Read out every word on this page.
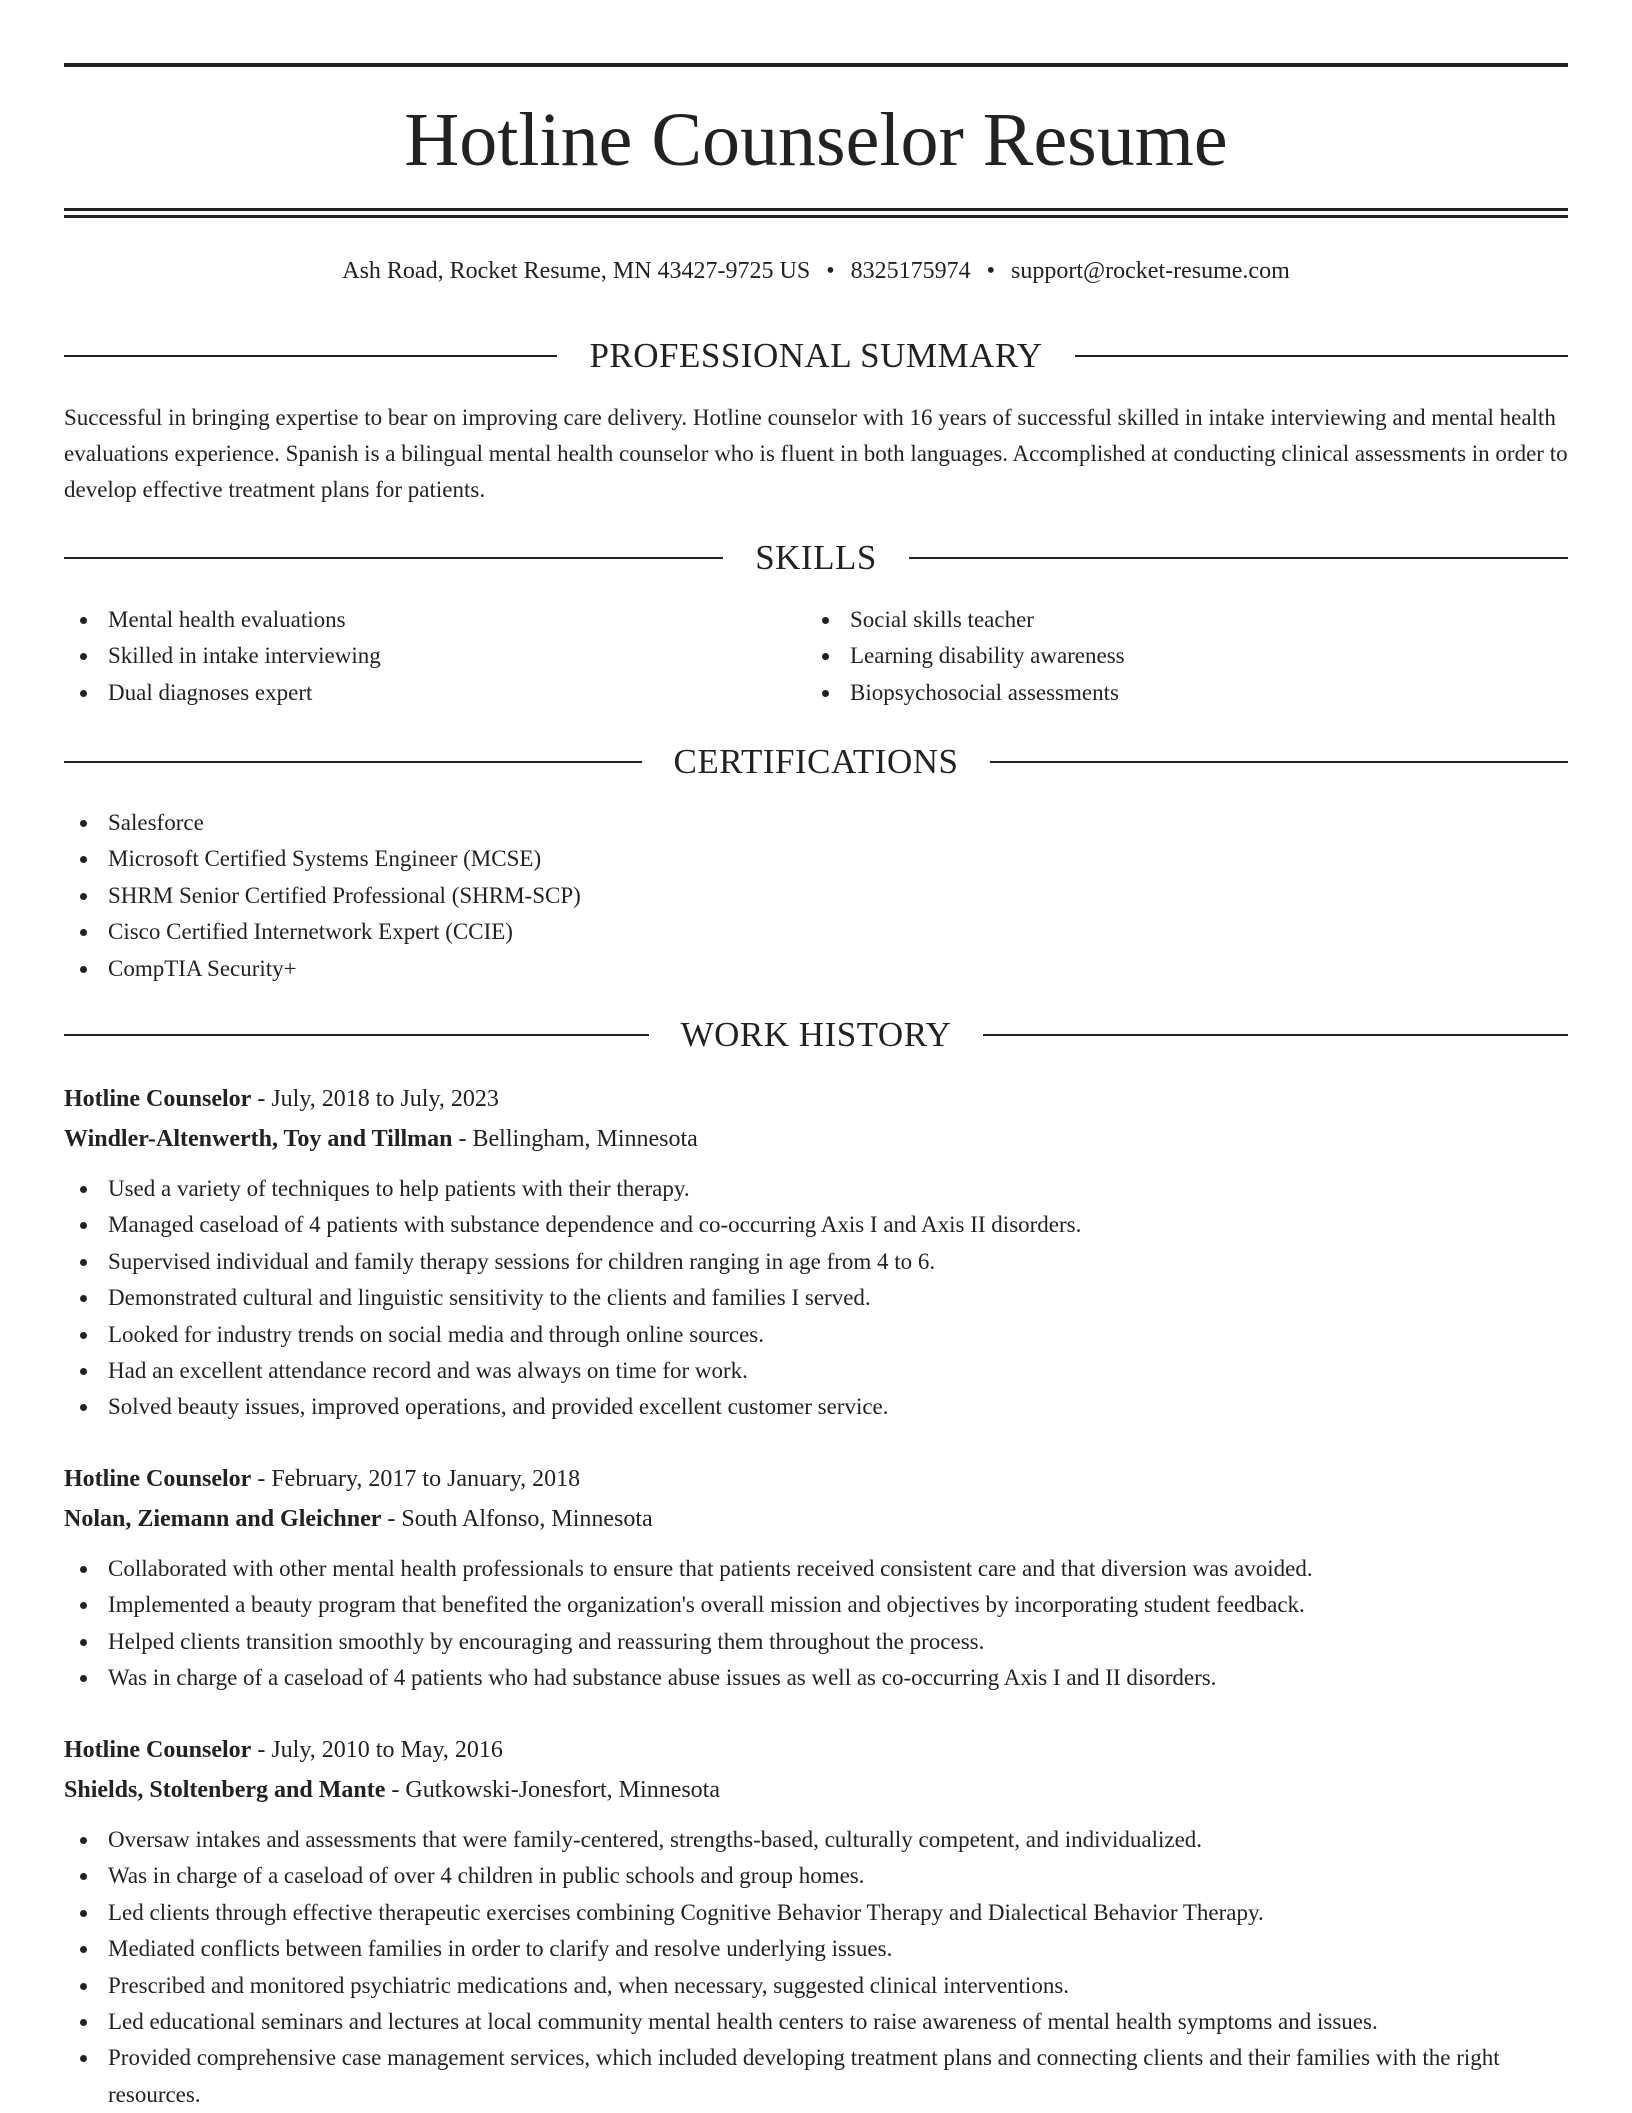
Hotline Counselor Resume
Ash Road, Rocket Resume, MN 43427-9725 US • 8325175974 • support@rocket-resume.com
PROFESSIONAL SUMMARY

Successful in bringing expertise to bear on improving care delivery. Hotline counselor with 16 years of successful skilled in intake interviewing and mental health evaluations experience. Spanish is a bilingual mental health counselor who is fluent in both languages. Accomplished at conducting clinical assessments in order to develop effective treatment plans for patients.

SKILLS
Mental health evaluations
Skilled in intake interviewing
Dual diagnoses expert
Social skills teacher
Learning disability awareness
Biopsychosocial assessments
CERTIFICATIONS
Salesforce
Microsoft Certified Systems Engineer (MCSE)
SHRM Senior Certified Professional (SHRM-SCP)
Cisco Certified Internetwork Expert (CCIE)
CompTIA Security+
WORK HISTORY
Hotline Counselor - July, 2018 to July, 2023
Windler-Altenwerth, Toy and Tillman - Bellingham, Minnesota
Used a variety of techniques to help patients with their therapy.
Managed caseload of 4 patients with substance dependence and co-occurring Axis I and Axis II disorders.
Supervised individual and family therapy sessions for children ranging in age from 4 to 6.
Demonstrated cultural and linguistic sensitivity to the clients and families I served.
Looked for industry trends on social media and through online sources.
Had an excellent attendance record and was always on time for work.
Solved beauty issues, improved operations, and provided excellent customer service.
Hotline Counselor - February, 2017 to January, 2018
Nolan, Ziemann and Gleichner - South Alfonso, Minnesota
Collaborated with other mental health professionals to ensure that patients received consistent care and that diversion was avoided.
Implemented a beauty program that benefited the organization's overall mission and objectives by incorporating student feedback.
Helped clients transition smoothly by encouraging and reassuring them throughout the process.
Was in charge of a caseload of 4 patients who had substance abuse issues as well as co-occurring Axis I and II disorders.
Hotline Counselor - July, 2010 to May, 2016
Shields, Stoltenberg and Mante - Gutkowski-Jonesfort, Minnesota
Oversaw intakes and assessments that were family-centered, strengths-based, culturally competent, and individualized.
Was in charge of a caseload of over 4 children in public schools and group homes.
Led clients through effective therapeutic exercises combining Cognitive Behavior Therapy and Dialectical Behavior Therapy.
Mediated conflicts between families in order to clarify and resolve underlying issues.
Prescribed and monitored psychiatric medications and, when necessary, suggested clinical interventions.
Led educational seminars and lectures at local community mental health centers to raise awareness of mental health symptoms and issues.
Provided comprehensive case management services, which included developing treatment plans and connecting clients and their families with the right resources.
